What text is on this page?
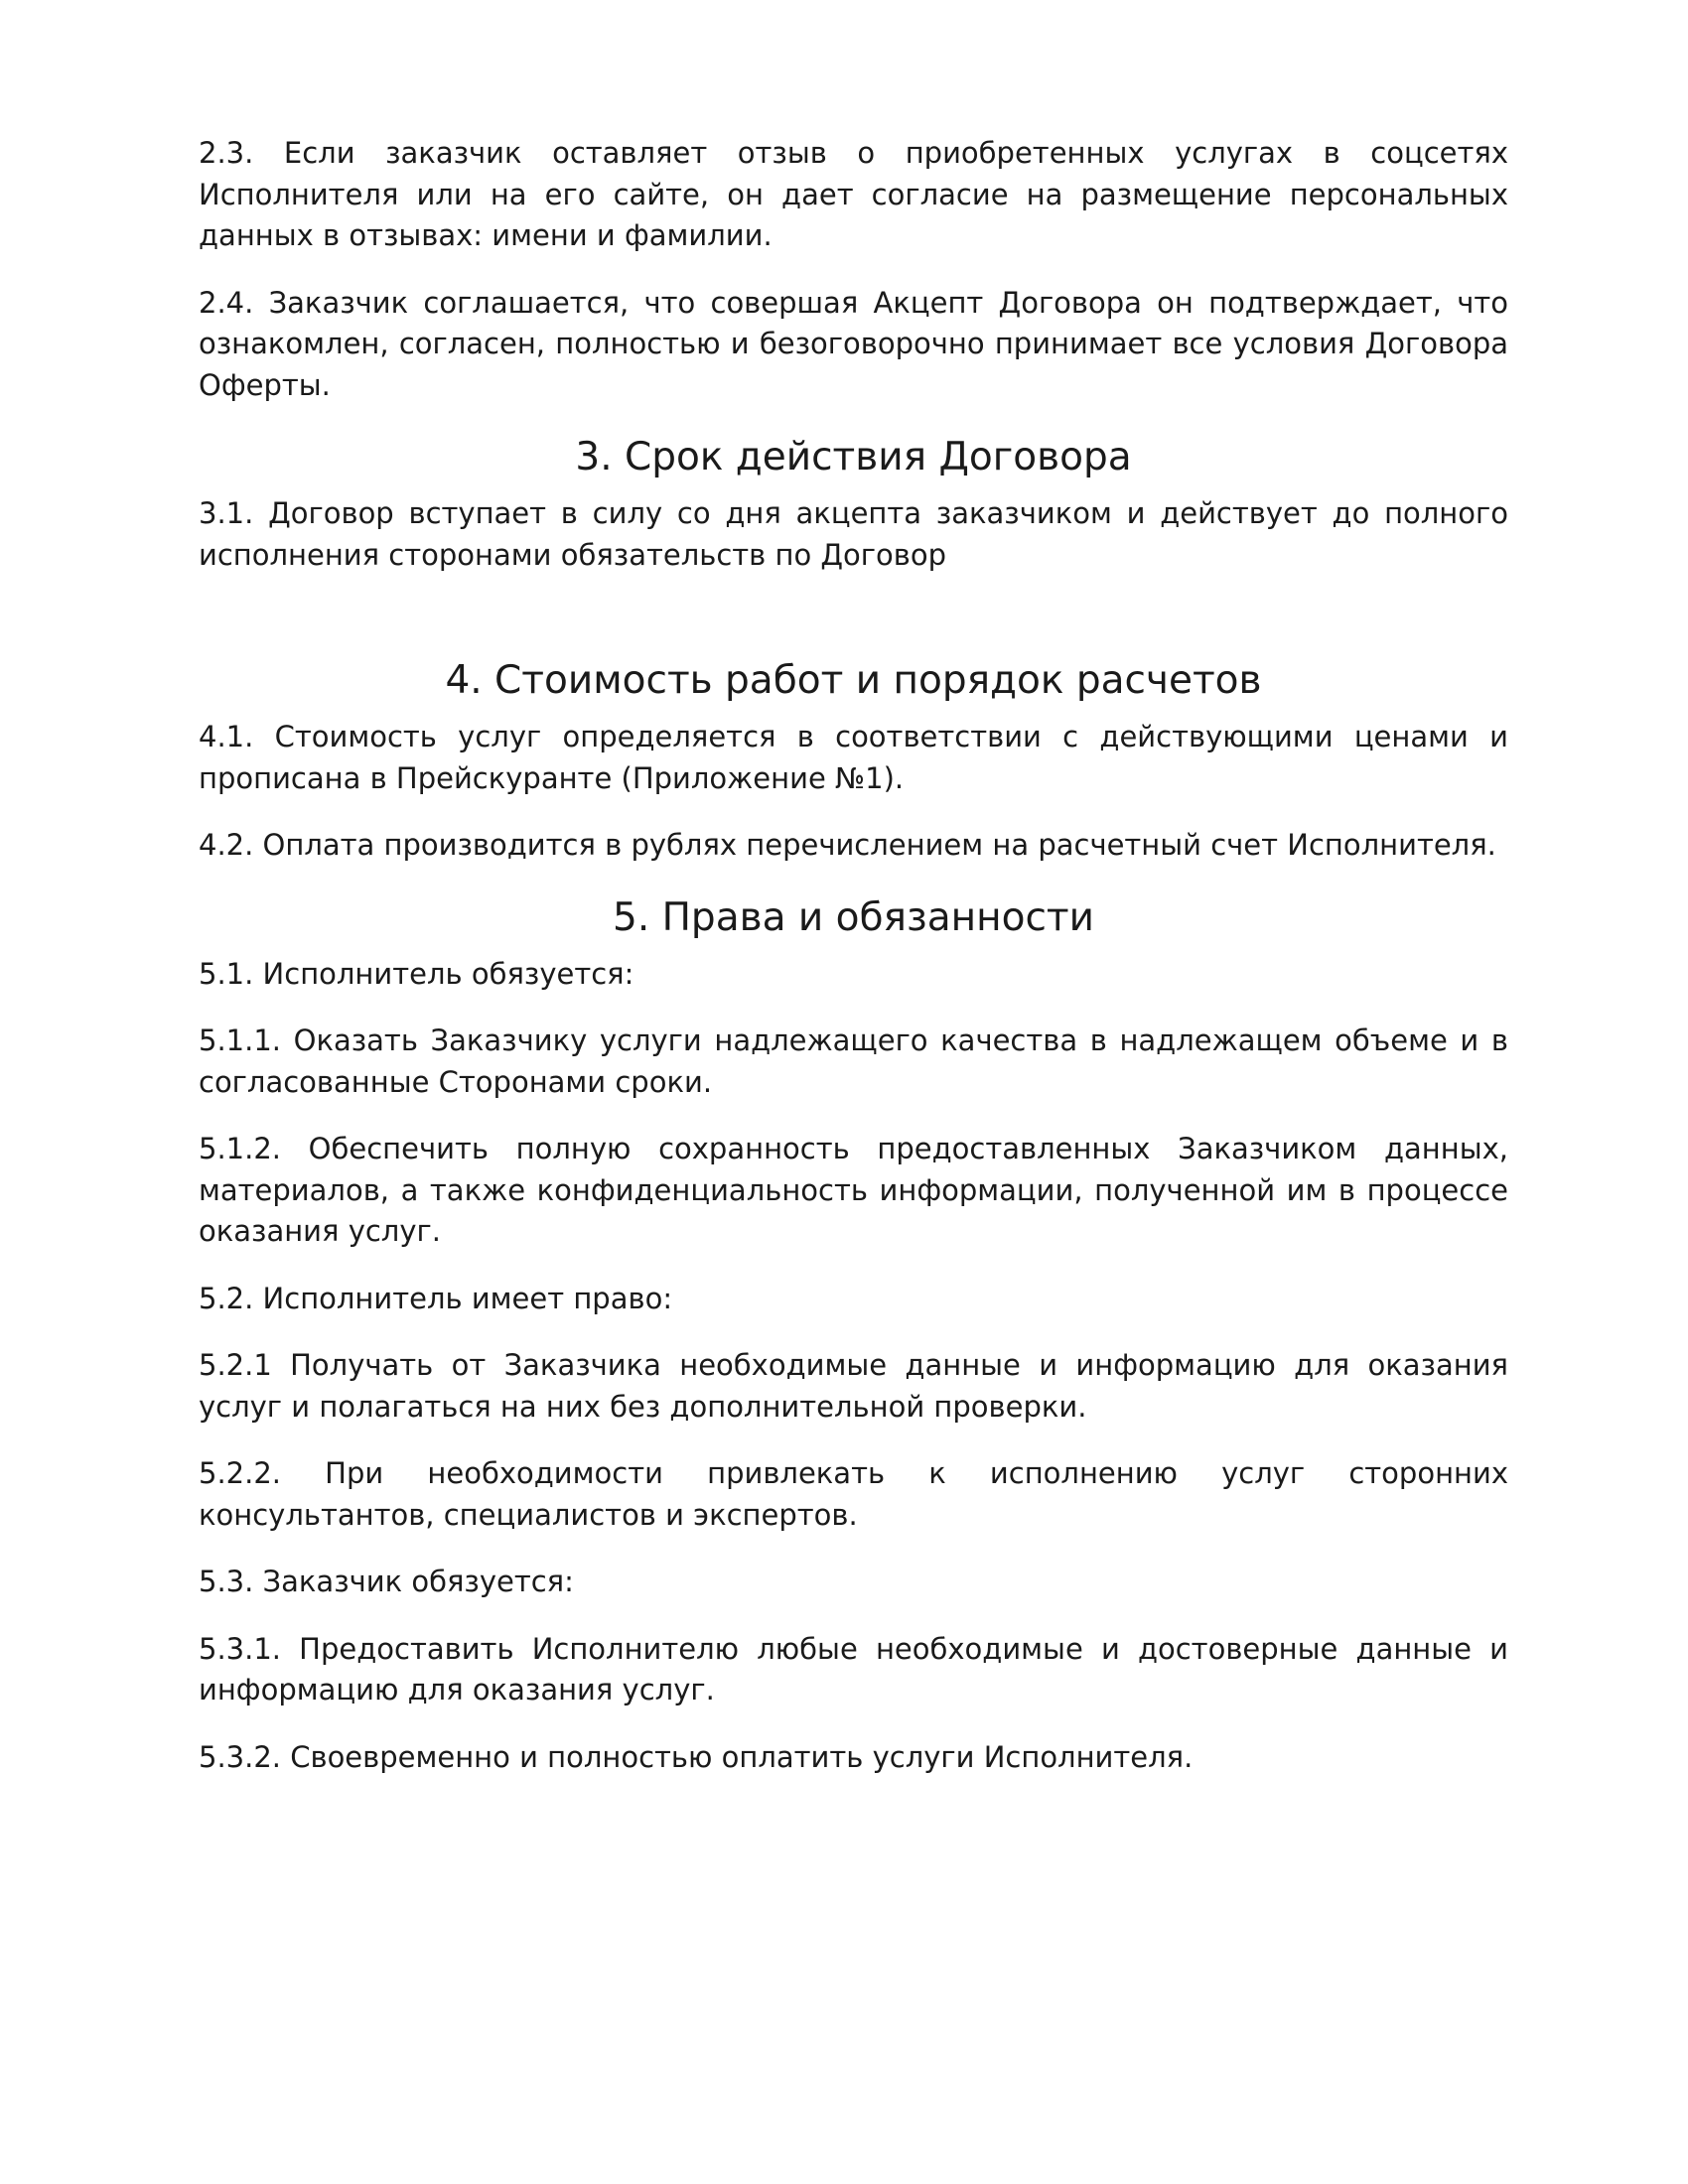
2.3. Если заказчик оставляет отзыв о приобретенных услугах в соцсетях Исполнителя или на его сайте, он дает согласие на размещение персональных данных в отзывах: имени и фамилии.

2.4. Заказчик соглашается, что совершая Акцепт Договора он подтверждает, что ознакомлен, согласен, полностью и безоговорочно принимает все условия Договора Оферты.

3. Срок действия Договора

3.1. Договор вступает в силу со дня акцепта заказчиком и действует до полного исполнения сторонами обязательств по Договор

4. Стоимость работ и порядок расчетов

4.1. Стоимость услуг определяется в соответствии с действующими ценами и прописана в Прейскуранте (Приложение №1).

4.2. Оплата производится в рублях перечислением на расчетный счет Исполнителя.

5. Права и обязанности

5.1. Исполнитель обязуется:

5.1.1. Оказать Заказчику услуги надлежащего качества в надлежащем объеме и в согласованные Сторонами сроки.

5.1.2. Обеспечить полную сохранность предоставленных Заказчиком данных, материалов, а также конфиденциальность информации, полученной им в процессе оказания услуг.

5.2. Исполнитель имеет право:

5.2.1 Получать от Заказчика необходимые данные и информацию для оказания услуг и полагаться на них без дополнительной проверки.

5.2.2. При необходимости привлекать к исполнению услуг сторонних консультантов, специалистов и экспертов.

5.3. Заказчик обязуется:

5.3.1. Предоставить Исполнителю любые необходимые и достоверные данные и информацию для оказания услуг.

5.3.2. Своевременно и полностью оплатить услуги Исполнителя.
